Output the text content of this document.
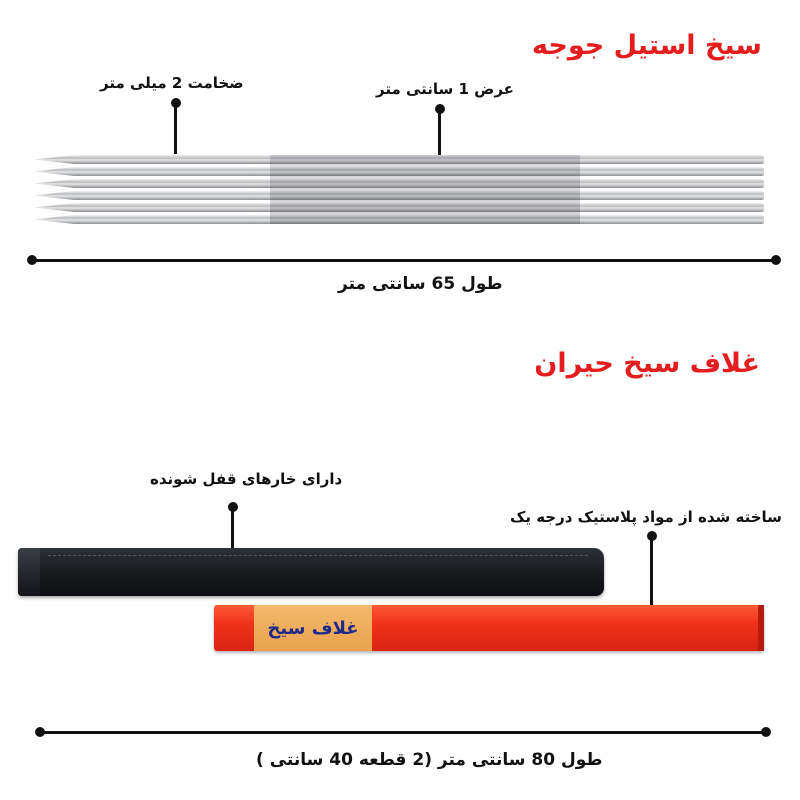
سیخ استیل جوجه
ضخامت 2 میلی متر	عرض 1 سانتی متر
طول 65 سانتی متر
غلاف سیخ حیران
دارای خارهای قفل شونده
ساخته شده از مواد پلاستیک درجه یک
غلاف سیخ
طول 80 سانتی متر (2 قطعه 40 سانتی )
